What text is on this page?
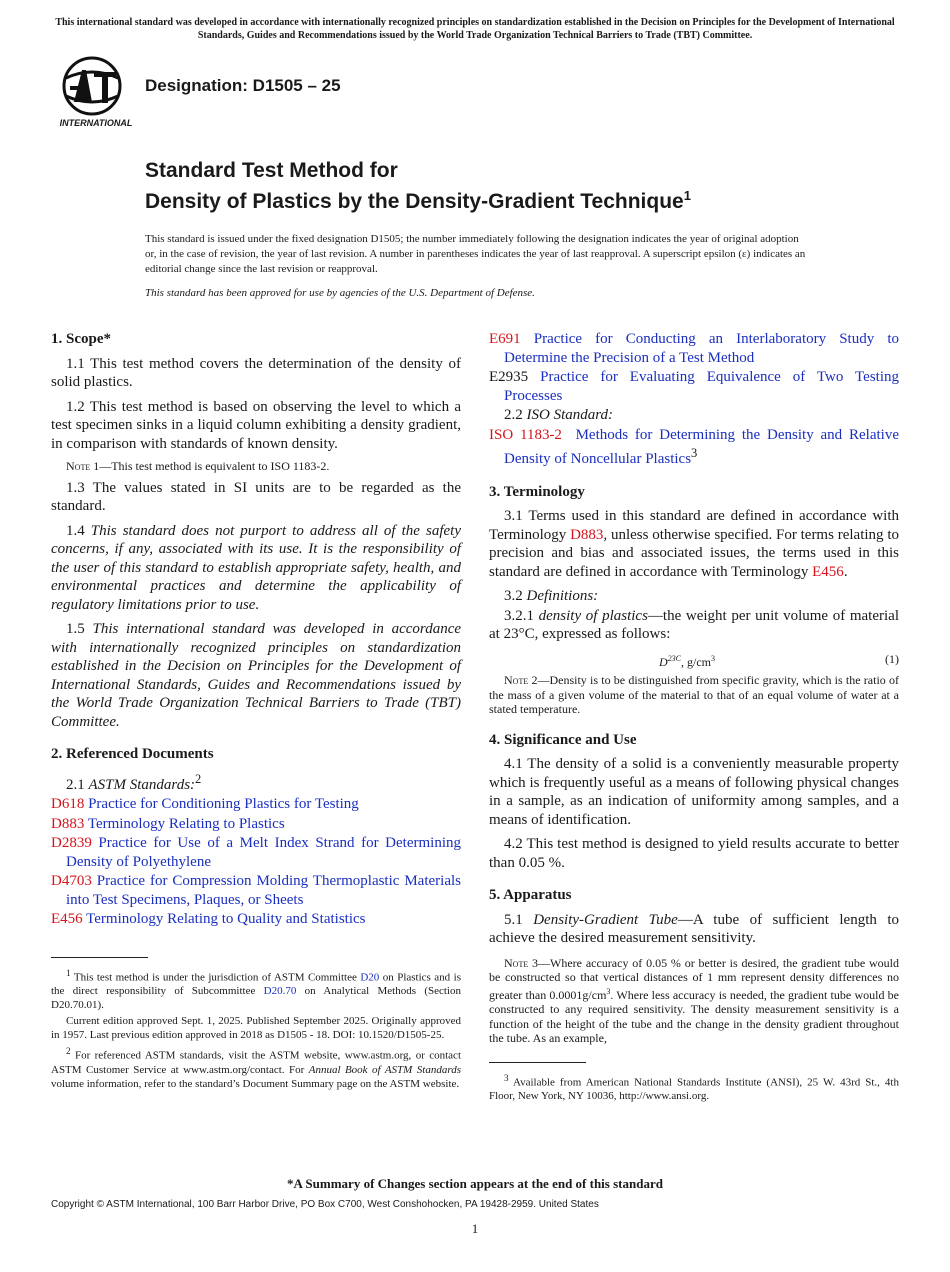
This international standard was developed in accordance with internationally recognized principles on standardization established in the Decision on Principles for the Development of International Standards, Guides and Recommendations issued by the World Trade Organization Technical Barriers to Trade (TBT) Committee.
INTERNATIONAL
Designation: D1505 – 25
Standard Test Method for
Density of Plastics by the Density-Gradient Technique$^1$
This standard is issued under the fixed designation D1505; the number immediately following the designation indicates the year of original adoption or, in the case of revision, the year of last revision. A number in parentheses indicates the year of last reapproval. A superscript epsilon (ε) indicates an editorial change since the last revision or reapproval.
This standard has been approved for use by agencies of the U.S. Department of Defense.
1. Scope*

1.1 This test method covers the determination of the density of solid plastics.

1.2 This test method is based on observing the level to which a test specimen sinks in a liquid column exhibiting a density gradient, in comparison with standards of known density.

Note 1—This test method is equivalent to ISO 1183-2.

1.3 The values stated in SI units are to be regarded as the standard.

1.4 This standard does not purport to address all of the safety concerns, if any, associated with its use. It is the responsibility of the user of this standard to establish appropriate safety, health, and environmental practices and determine the applicability of regulatory limitations prior to use.

1.5 This international standard was developed in accordance with internationally recognized principles on standardization established in the Decision on Principles for the Development of International Standards, Guides and Recommendations issued by the World Trade Organization Technical Barriers to Trade (TBT) Committee.

2. Referenced Documents

2.1 ASTM Standards:$^2$

D618 Practice for Conditioning Plastics for Testing

D883 Terminology Relating to Plastics

D2839 Practice for Use of a Melt Index Strand for Determining Density of Polyethylene

D4703 Practice for Compression Molding Thermoplastic Materials into Test Specimens, Plaques, or Sheets

E456 Terminology Relating to Quality and Statistics

$^1$ This test method is under the jurisdiction of ASTM Committee D20 on Plastics and is the direct responsibility of Subcommittee D20.70 on Analytical Methods (Section D20.70.01).

Current edition approved Sept. 1, 2025. Published September 2025. Originally approved in 1957. Last previous edition approved in 2018 as D1505 - 18. DOI: 10.1520/D1505-25.

$^2$ For referenced ASTM standards, visit the ASTM website, www.astm.org, or contact ASTM Customer Service at www.astm.org/contact. For Annual Book of ASTM Standards volume information, refer to the standard’s Document Summary page on the ASTM website.

E691 Practice for Conducting an Interlaboratory Study to Determine the Precision of a Test Method

E2935 Practice for Evaluating Equivalence of Two Testing Processes

2.2 ISO Standard:

ISO 1183-2 Methods for Determining the Density and Relative Density of Noncellular Plastics$^3$

3. Terminology

3.1 Terms used in this standard are defined in accordance with Terminology D883, unless otherwise specified. For terms relating to precision and bias and associated issues, the terms used in this standard are defined in accordance with Terminology E456.

3.2 Definitions:

3.2.1 density of plastics—the weight per unit volume of material at 23°C, expressed as follows:

$D^{23C}$, $g/cm^3$	(1)

Note 2—Density is to be distinguished from specific gravity, which is the ratio of the mass of a given volume of the material to that of an equal volume of water at a stated temperature.

4. Significance and Use

4.1 The density of a solid is a conveniently measurable property which is frequently useful as a means of following physical changes in a sample, as an indication of uniformity among samples, and a means of identification.

4.2 This test method is designed to yield results accurate to better than 0.05 %.

5. Apparatus

5.1 Density-Gradient Tube—A tube of sufficient length to achieve the desired measurement sensitivity.

Note 3—Where accuracy of 0.05 % or better is desired, the gradient tube would be constructed so that vertical distances of 1 mm represent density differences no greater than $0.0001g/cm^3$. Where less accuracy is needed, the gradient tube would be constructed to any required sensitivity. The density measurement sensitivity is a function of the height of the tube and the change in the density gradient throughout the tube. As an example,

$^3$ Available from American National Standards Institute (ANSI), 25 W. 43rd St., 4th Floor, New York, NY 10036, http://www.ansi.org.

*A Summary of Changes section appears at the end of this standard
Copyright © ASTM International, 100 Barr Harbor Drive, PO Box C700, West Conshohocken, PA 19428-2959. United States
1
